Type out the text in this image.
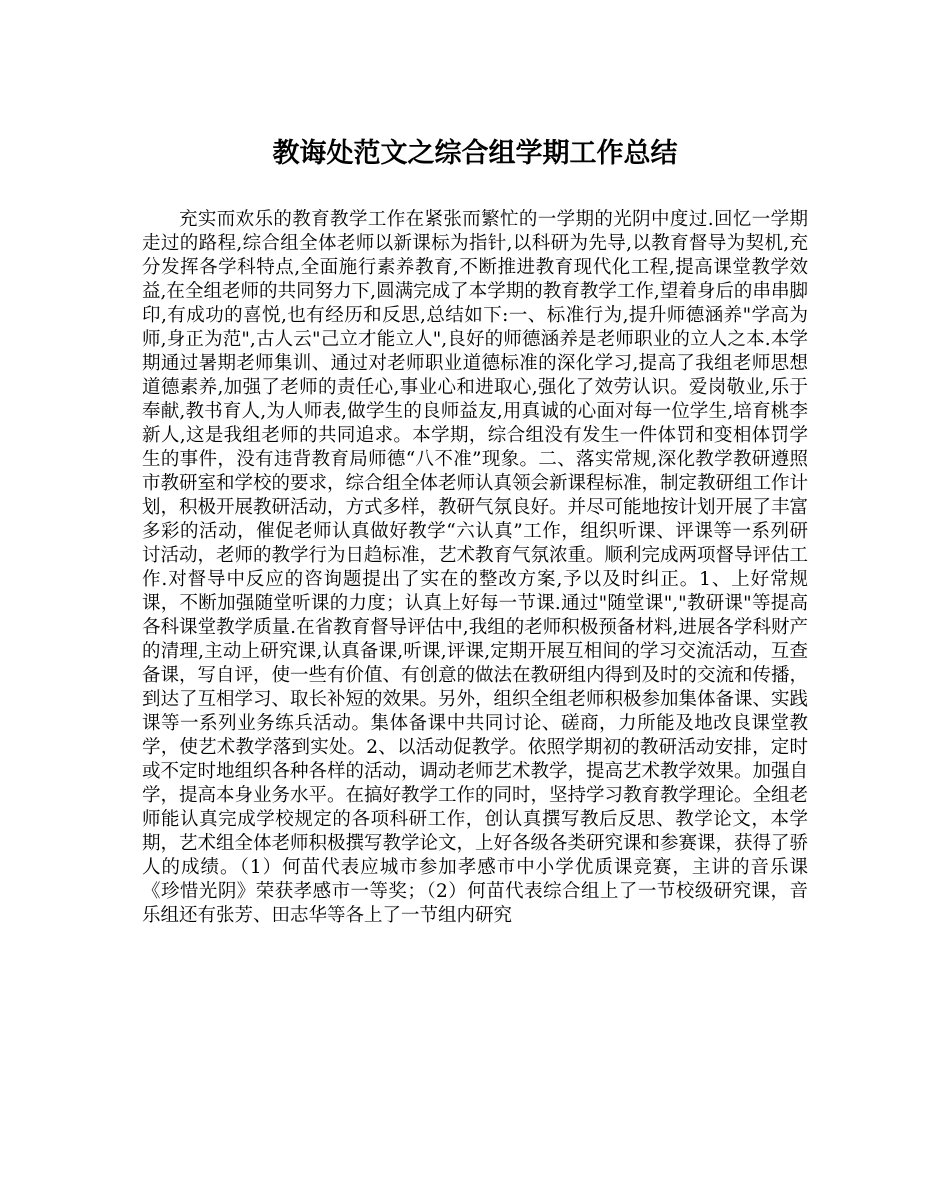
教诲处范文之综合组学期工作总结

充实而欢乐的教育教学工作在紧张而繁忙的一学期的光阴中度过.回忆一学期走过的路程,综合组全体老师以新课标为指针,以科研为先导,以教育督导为契机,充分发挥各学科特点,全面施行素养教育,不断推进教育现代化工程,提高课堂教学效益,在全组老师的共同努力下,圆满完成了本学期的教育教学工作,望着身后的串串脚印,有成功的喜悦,也有经历和反思,总结如下:一、标准行为,提升师德涵养"学高为师,身正为范",古人云"己立才能立人",良好的师德涵养是老师职业的立人之本.本学期通过暑期老师集训、通过对老师职业道德标准的深化学习,提高了我组老师思想道德素养,加强了老师的责任心,事业心和进取心,强化了效劳认识。爱岗敬业,乐于奉献,教书育人,为人师表,做学生的良师益友,用真诚的心面对每一位学生,培育桃李新人,这是我组老师的共同追求。本学期，综合组没有发生一件体罚和变相体罚学生的事件，没有违背教育局师德“八不准”现象。二、落实常规,深化教学教研遵照市教研室和学校的要求，综合组全体老师认真领会新课程标准，制定教研组工作计划，积极开展教研活动，方式多样，教研气氛良好。并尽可能地按计划开展了丰富多彩的活动，催促老师认真做好教学“六认真”工作，组织听课、评课等一系列研讨活动，老师的教学行为日趋标准，艺术教育气氛浓重。顺利完成两项督导评估工作.对督导中反应的咨询题提出了实在的整改方案,予以及时纠正。1、上好常规课，不断加强随堂听课的力度；认真上好每一节课.通过"随堂课","教研课"等提高各科课堂教学质量.在省教育督导评估中,我组的老师积极预备材料,进展各学科财产的清理,主动上研究课,认真备课,听课,评课,定期开展互相间的学习交流活动，互查备课，写自评，使一些有价值、有创意的做法在教研组内得到及时的交流和传播，到达了互相学习、取长补短的效果。另外，组织全组老师积极参加集体备课、实践课等一系列业务练兵活动。集体备课中共同讨论、磋商，力所能及地改良课堂教学，使艺术教学落到实处。2、以活动促教学。依照学期初的教研活动安排，定时或不定时地组织各种各样的活动，调动老师艺术教学，提高艺术教学效果。加强自学，提高本身业务水平。在搞好教学工作的同时，坚持学习教育教学理论。全组老师能认真完成学校规定的各项科研工作，创认真撰写教后反思、教学论文，本学期，艺术组全体老师积极撰写教学论文，上好各级各类研究课和参赛课，获得了骄人的成绩。（1）何苗代表应城市参加孝感市中小学优质课竞赛，主讲的音乐课《珍惜光阴》荣获孝感市一等奖；（2）何苗代表综合组上了一节校级研究课，音乐组还有张芳、田志华等各上了一节组内研究
